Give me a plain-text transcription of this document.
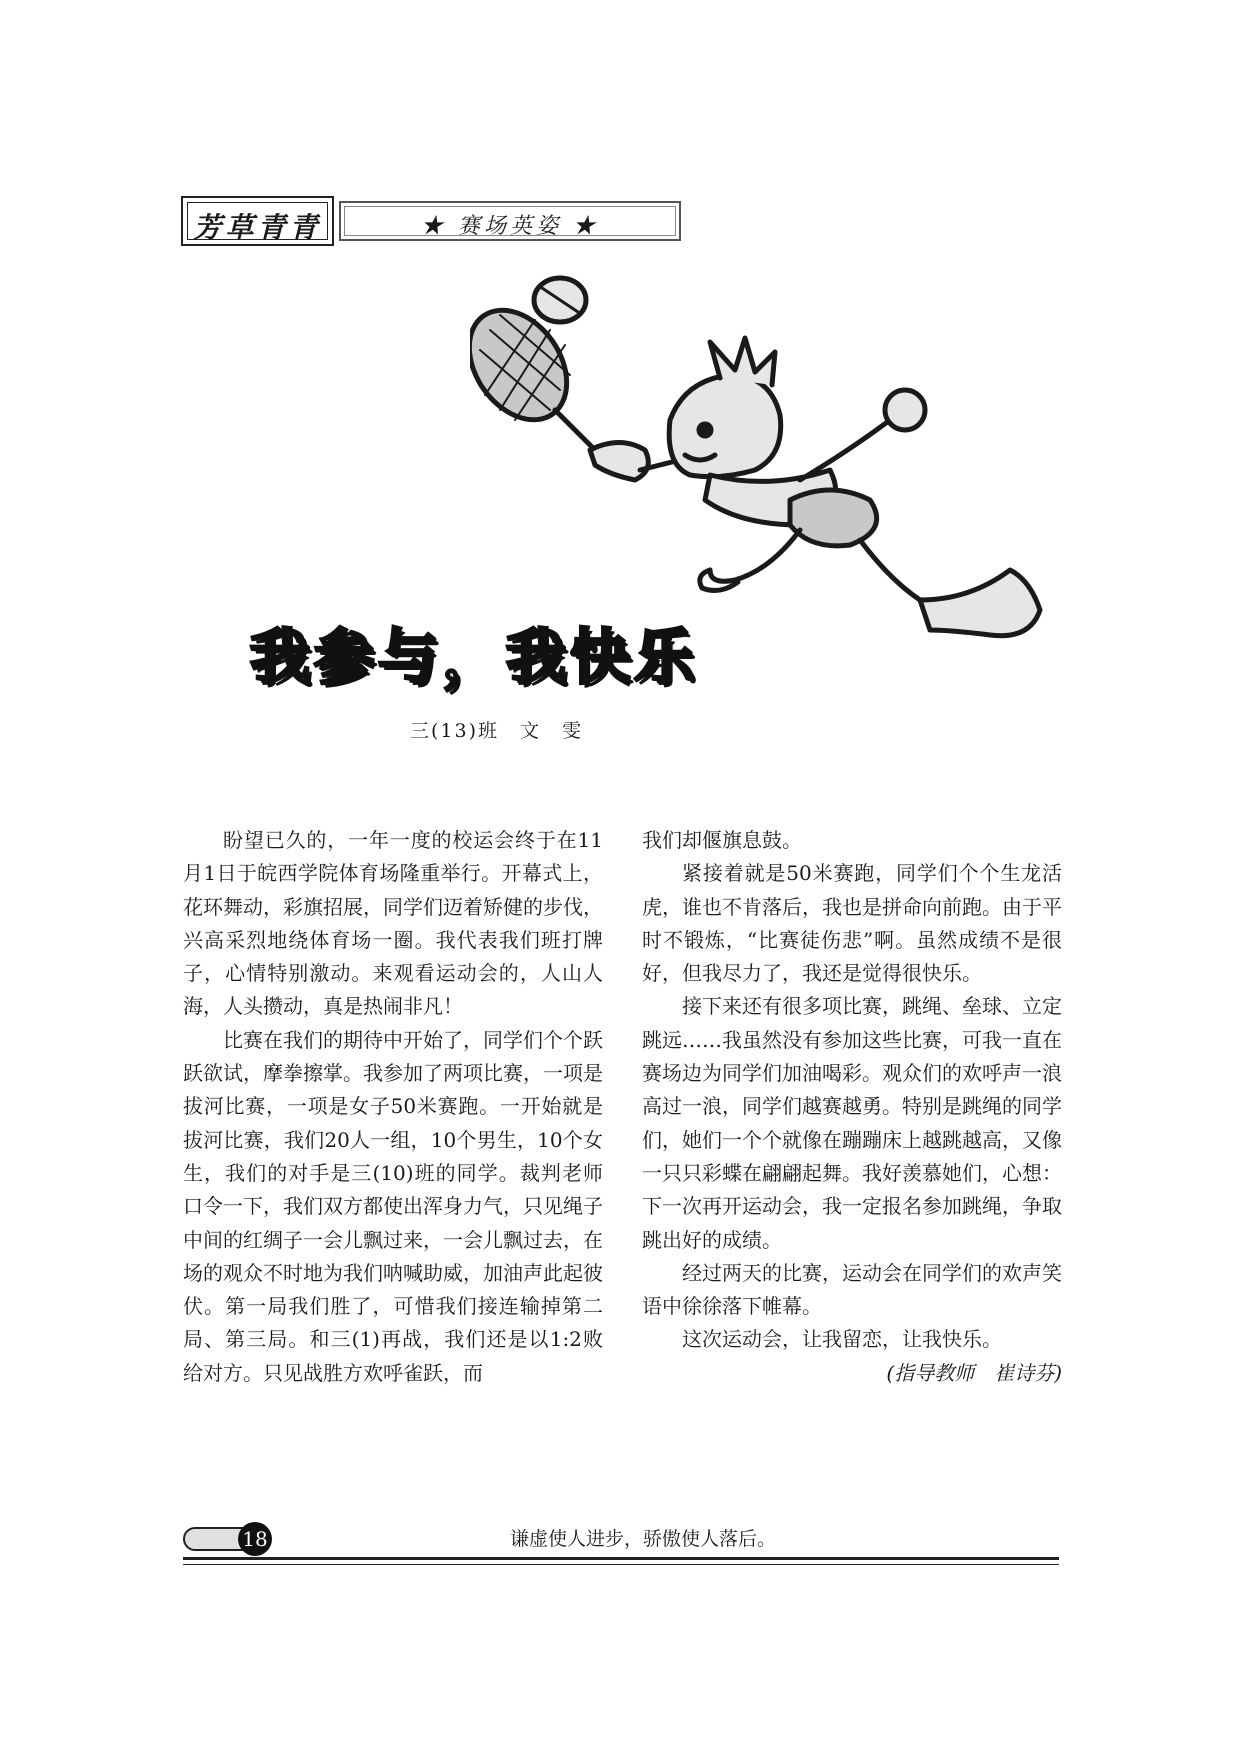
芳草青青	★ 赛场英姿 ★
我参与，我快乐
三(13)班　文　雯

盼望已久的，一年一度的校运会终于在11月1日于皖西学院体育场隆重举行。开幕式上，花环舞动，彩旗招展，同学们迈着矫健的步伐，兴高采烈地绕体育场一圈。我代表我们班打牌子，心情特别激动。来观看运动会的，人山人海，人头攒动，真是热闹非凡！

比赛在我们的期待中开始了，同学们个个跃跃欲试，摩拳擦掌。我参加了两项比赛，一项是拔河比赛，一项是女子50米赛跑。一开始就是拔河比赛，我们20人一组，10个男生，10个女生，我们的对手是三(10)班的同学。裁判老师口令一下，我们双方都使出浑身力气，只见绳子中间的红绸子一会儿飘过来，一会儿飘过去，在场的观众不时地为我们呐喊助威，加油声此起彼伏。第一局我们胜了，可惜我们接连输掉第二局、第三局。和三(1)再战，我们还是以1:2败给对方。只见战胜方欢呼雀跃，而

我们却偃旗息鼓。

紧接着就是50米赛跑，同学们个个生龙活虎，谁也不肯落后，我也是拼命向前跑。由于平时不锻炼，“比赛徒伤悲”啊。虽然成绩不是很好，但我尽力了，我还是觉得很快乐。

接下来还有很多项比赛，跳绳、垒球、立定跳远……我虽然没有参加这些比赛，可我一直在赛场边为同学们加油喝彩。观众们的欢呼声一浪高过一浪，同学们越赛越勇。特别是跳绳的同学们，她们一个个就像在蹦蹦床上越跳越高，又像一只只彩蝶在翩翩起舞。我好羡慕她们，心想：下一次再开运动会，我一定报名参加跳绳，争取跳出好的成绩。

经过两天的比赛，运动会在同学们的欢声笑语中徐徐落下帷幕。

这次运动会，让我留恋，让我快乐。

(指导教师　崔诗芬)

18	谦虚使人进步，骄傲使人落后。
